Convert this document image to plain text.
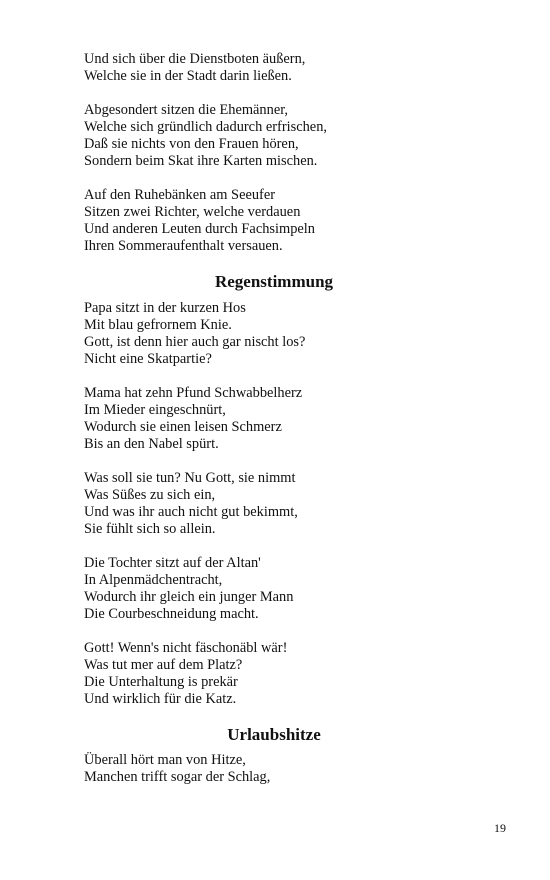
Und sich über die Dienstboten äußern,
Welche sie in der Stadt darin ließen.
Abgesondert sitzen die Ehemänner,
Welche sich gründlich dadurch erfrischen,
Daß sie nichts von den Frauen hören,
Sondern beim Skat ihre Karten mischen.
Auf den Ruhebänken am Seeufer
Sitzen zwei Richter, welche verdauen
Und anderen Leuten durch Fachsimpeln
Ihren Sommeraufenthalt versauen.
Regenstimmung
Papa sitzt in der kurzen Hos
Mit blau gefrornem Knie.
Gott, ist denn hier auch gar nischt los?
Nicht eine Skatpartie?
Mama hat zehn Pfund Schwabbelherz
Im Mieder eingeschnürt,
Wodurch sie einen leisen Schmerz
Bis an den Nabel spürt.
Was soll sie tun? Nu Gott, sie nimmt
Was Süßes zu sich ein,
Und was ihr auch nicht gut bekimmt,
Sie fühlt sich so allein.
Die Tochter sitzt auf der Altan'
In Alpenmädchentracht,
Wodurch ihr gleich ein junger Mann
Die Courbeschneidung macht.
Gott! Wenn's nicht fäschonäbl wär!
Was tut mer auf dem Platz?
Die Unterhaltung is prekär
Und wirklich für die Katz.
Urlaubshitze
Überall hört man von Hitze,
Manchen trifft sogar der Schlag,
19
